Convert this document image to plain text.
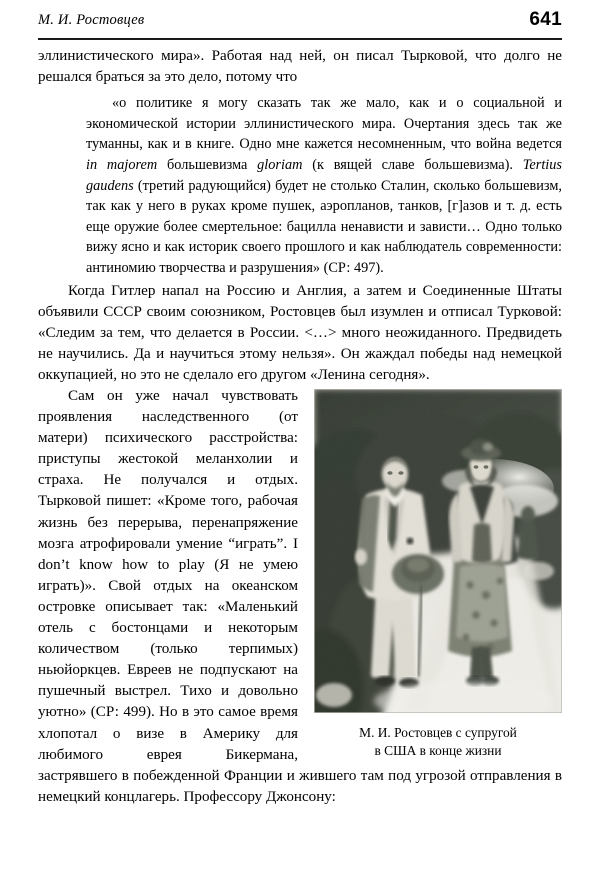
М. И. Ростовцев	641

эллинистического мира». Работая над ней, он писал Тырковой, что долго не решался браться за это дело, потому что

«о политике я могу сказать так же мало, как и о социальной и экономической истории эллинистического мира. Очертания здесь так же туманны, как и в книге. Одно мне кажется несомненным, что война ведется in majorem большевизма gloriam (к вящей славе большевизма). Tertius gaudens (третий радующийся) будет не столько Сталин, сколько большевизм, так как у него в руках кроме пушек, аэропланов, танков, [г]азов и т. д. есть еще оружие более смертельное: бацилла ненависти и зависти… Одно только вижу ясно и как историк своего прошлого и как наблюдатель современности: антиномию творчества и разрушения» (СР: 497).

Когда Гитлер напал на Россию и Англия, а затем и Соединенные Штаты объявили СССР своим союзником, Ростовцев был изумлен и отписал Турковой: «Следим за тем, что делается в России. <…> много неожиданного. Предвидеть не научились. Да и научиться этому нельзя». Он жаждал победы над немецкой оккупацией, но это не сделало его другом «Ленина сегодня».

М. И. Ростовцев с супругой
в США в конце жизни

Сам он уже начал чувствовать проявления наследственного (от матери) психического расстройства: приступы жестокой меланхолии и страха. Не получался и отдых. Тырковой пишет: «Кроме того, рабочая жизнь без перерыва, перенапряжение мозга атрофировали умение “играть”. I don’t know how to play (Я не умею играть)». Свой отдых на океанском островке описывает так: «Маленький отель с бостонцами и некоторым количеством (только терпимых) ньюйоркцев. Евреев не подпускают на пушечный выстрел. Тихо и довольно уютно» (СР: 499). Но в это самое время хлопотал о визе в Америку для любимого еврея Бикермана, застрявшего в побежденной Франции и жившего там под угрозой отправления в немецкий концлагерь. Профессору Джонсону:
